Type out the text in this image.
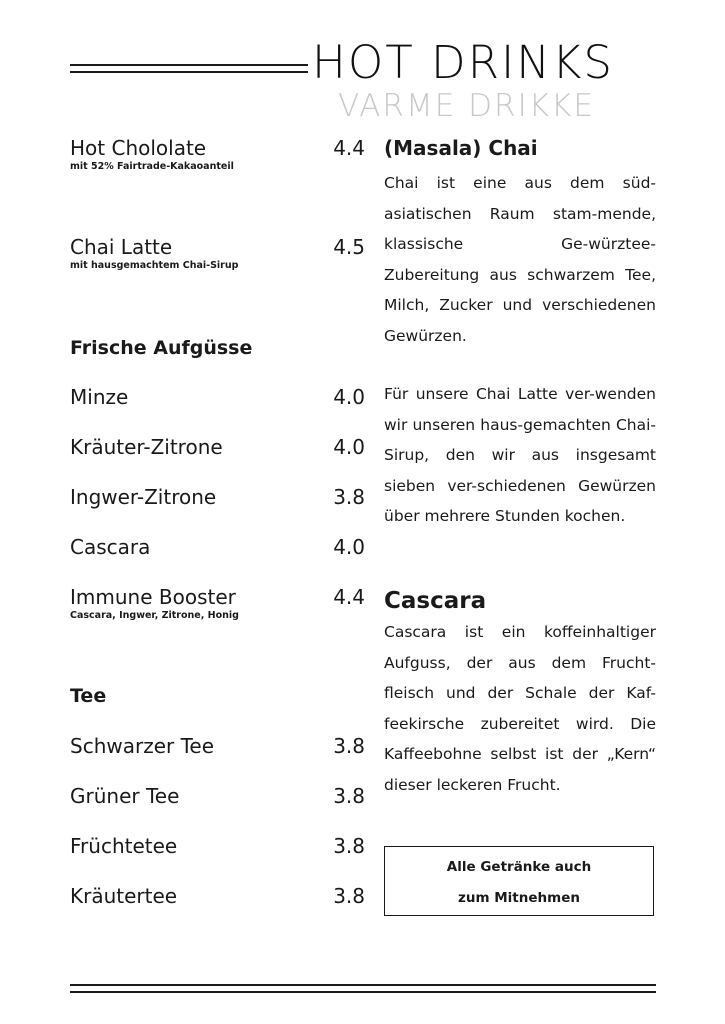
HOT DRINKS
VARME DRIKKE
Hot Chololate	4.4
mit 52% Fairtrade-Kakaoanteil
Chai Latte	4.5
mit hausgemachtem Chai-Sirup
Frische Aufgüsse
Minze	4.0
Kräuter-Zitrone	4.0
Ingwer-Zitrone	3.8
Cascara	4.0
Immune Booster	4.4
Cascara, Ingwer, Zitrone, Honig
Tee
Schwarzer Tee	3.8
Grüner Tee	3.8
Früchtetee	3.8
Kräutertee	3.8
(Masala) Chai
Chai ist eine aus dem süd-asiatischen Raum stam-mende, klassische Ge-würztee-Zubereitung aus schwarzem Tee, Milch, Zucker und verschiedenen Gewürzen.
Für unsere Chai Latte ver-wenden wir unseren haus-gemachten Chai-Sirup, den wir aus insgesamt sieben ver-schiedenen Gewürzen über mehrere Stunden kochen.
Cascara
Cascara ist ein koffeinhaltiger Aufguss, der aus dem Frucht-fleisch und der Schale der Kaf-feekirsche zubereitet wird. Die Kaffeebohne selbst ist der „Kern“ dieser leckeren Frucht.
Alle Getränke auch
zum Mitnehmen
